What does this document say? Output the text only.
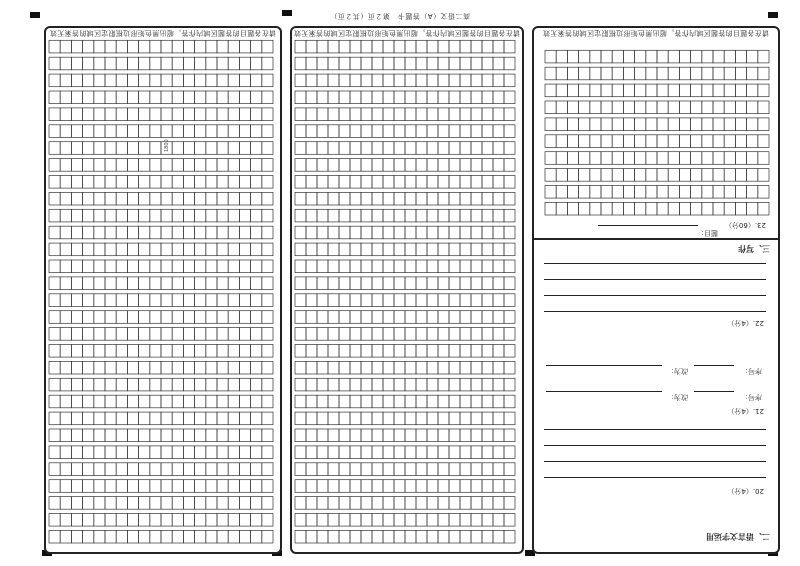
高二语文（A）答题卡　第２页（共２页）
请在各题目的答题区域内作答，超出黑色矩形边框限定区域的答案无效
二、语言文字运用
20.（4分）
21.（4分）
序号：
改为：
序号：
改为：
22.（4分）
三、写作
23.（60分）
题目：
请在各题目的答题区域内作答，超出黑色矩形边框限定区域的答案无效
请在各题目的答题区域内作答，超出黑色矩形边框限定区域的答案无效
1800
